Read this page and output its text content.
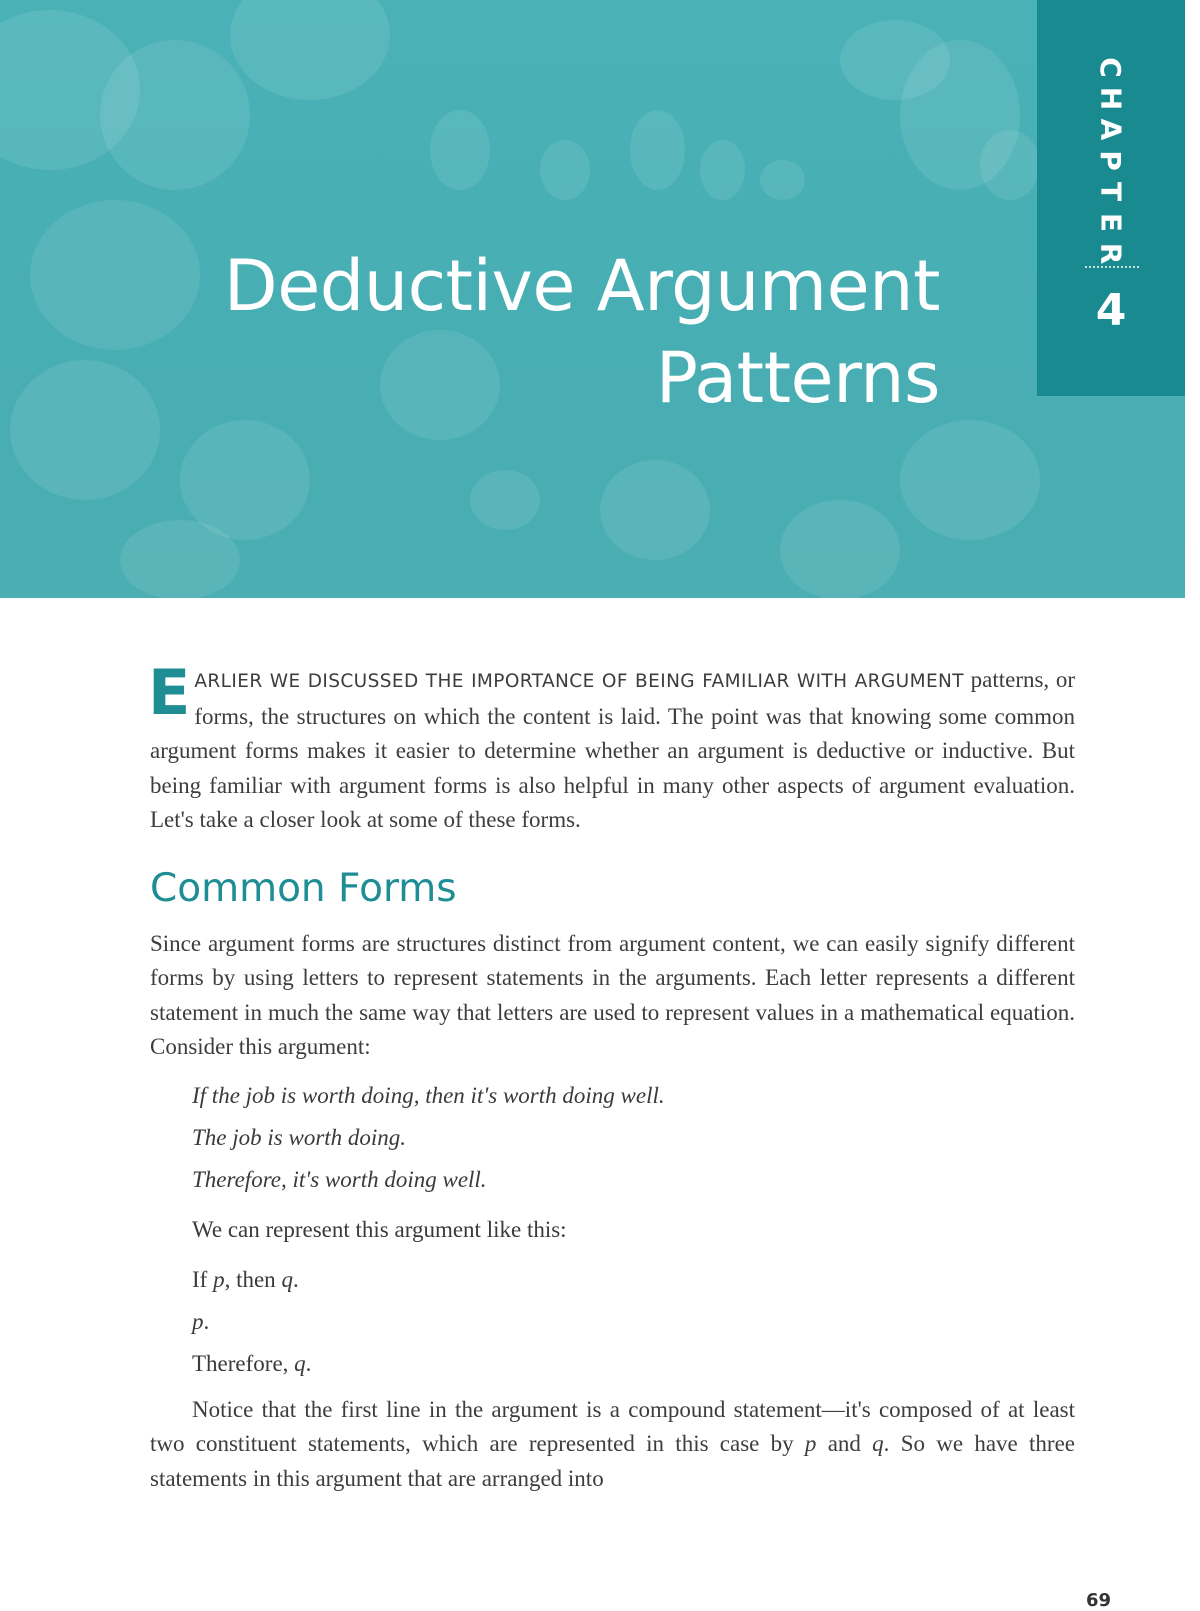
Deductive Argument
Patterns
C
H
A
P
T
E
R
4

EARLIER WE DISCUSSED THE IMPORTANCE OF BEING FAMILIAR WITH ARGUMENT patterns, or forms, the structures on which the content is laid. The point was that knowing some common argument forms makes it easier to determine whether an argument is deductive or inductive. But being familiar with argument forms is also helpful in many other aspects of argument evaluation. Let's take a closer look at some of these forms.

Common Forms

Since argument forms are structures distinct from argument content, we can easily signify different forms by using letters to represent statements in the arguments. Each letter represents a different statement in much the same way that letters are used to represent values in a mathematical equation. Consider this argument:

If the job is worth doing, then it's worth doing well.
The job is worth doing.
Therefore, it's worth doing well.
We can represent this argument like this:
If p, then q.
p.
Therefore, q.

Notice that the first line in the argument is a compound statement—it's composed of at least two constituent statements, which are represented in this case by p and q. So we have three statements in this argument that are arranged into

69
